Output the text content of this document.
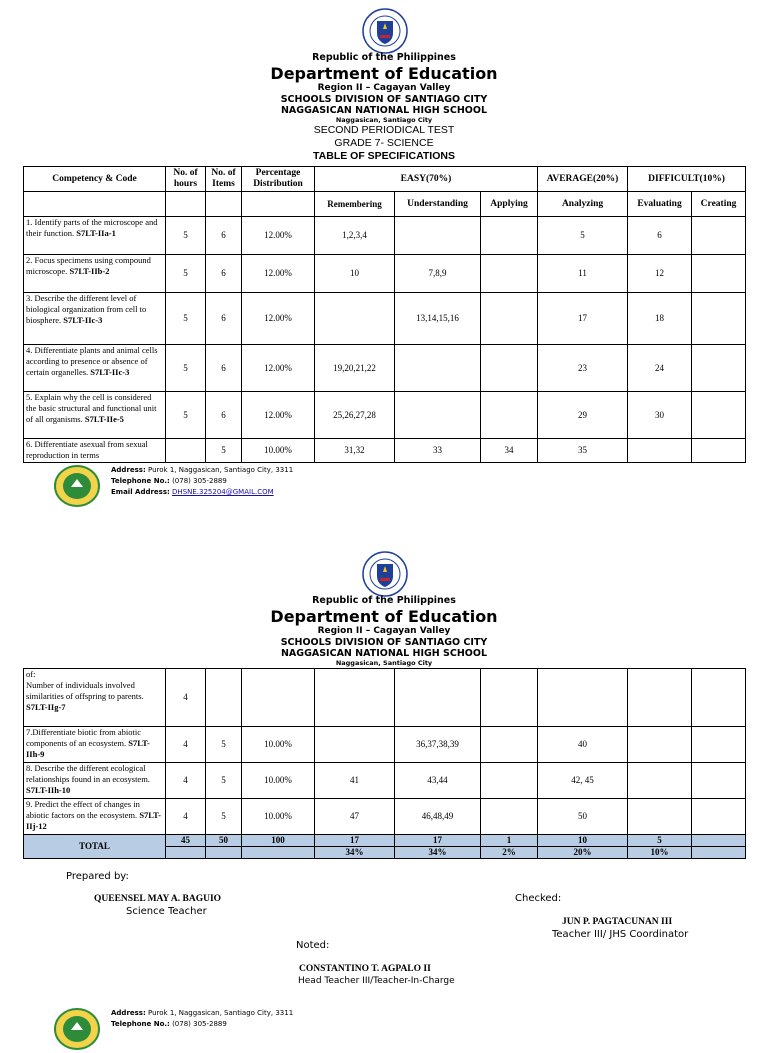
Republic of the Philippines
Department of Education
Region II – Cagayan Valley
SCHOOLS DIVISION OF SANTIAGO CITY
NAGGASICAN NATIONAL HIGH SCHOOL
Naggasican, Santiago City
SECOND PERIODICAL TEST
GRADE 7- SCIENCE
TABLE OF SPECIFICATIONS
Competency & Code	No. of hours	No. of Items	Percentage Distribution	EASY(70%)			AVERAGE(20%)	DIFFICULT(10%)	
				Remembering	Understanding	Applying	Analyzing	Evaluating	Creating
1. Identify parts of the microscope and their function. S7LT-IIa-1	5	6	12.00%	1,2,3,4			5	6	
2. Focus specimens using compound microscope. S7LT-IIb-2	5	6	12.00%	10	7,8,9		11	12	
3. Describe the different level of biological organization from cell to biosphere. S7LT-IIc-3	5	6	12.00%		13,14,15,16		17	18	
4. Differentiate plants and animal cells according to presence or absence of certain organelles. S7LT-IIc-3	5	6	12.00%	19,20,21,22			23	24	
5. Explain why the cell is considered the basic structural and functional unit of all organisms. S7LT-IIe-5	5	6	12.00%	25,26,27,28			29	30	
6. Differentiate asexual from sexual reproduction in terms		5	10.00%	31,32	33	34	35		
Address: Purok 1, Naggasican, Santiago City, 3311
Telephone No.: (078) 305-2889
Email Address: DHSNE.325204@GMAIL.COM
Republic of the Philippines
Department of Education
Region II – Cagayan Valley
SCHOOLS DIVISION OF SANTIAGO CITY
NAGGASICAN NATIONAL HIGH SCHOOL
Naggasican, Santiago City
of:
Number of individuals involved
similarities of offspring to parents. S7LT-IIg-7	4								
7.Differentiate biotic from abiotic components of an ecosystem. S7LT-IIh-9	4	5	10.00%		36,37,38,39		40		
8. Describe the different ecological relationships found in an ecosystem. S7LT-IIh-10	4	5	10.00%	41	43,44		42, 45		
9. Predict the effect of changes in abiotic factors on the ecosystem. S7LT-IIj-12	4	5	10.00%	47	46,48,49		50		
TOTAL	45	50	100	17	17	1	10	5	
				34%	34%	2%	20%	10%	
Prepared by:
QUEENSEL MAY A. BAGUIO
Science Teacher
Checked:
JUN P. PAGTACUNAN III
Teacher III/ JHS Coordinator
Noted:
CONSTANTINO T. AGPALO II
Head Teacher III/Teacher-In-Charge
Address: Purok 1, Naggasican, Santiago City, 3311
Telephone No.: (078) 305-2889
